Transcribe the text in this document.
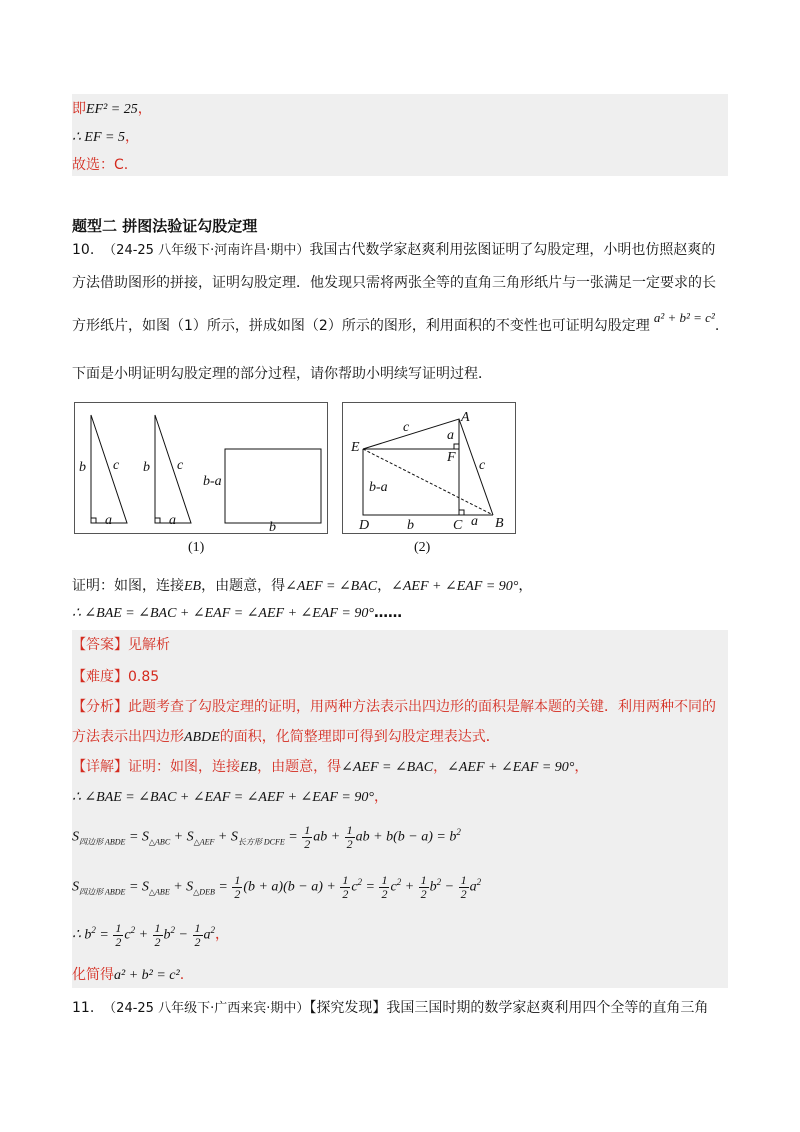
即EF² = 25，
∴ EF = 5，
故选：C.
题型二 拼图法验证勾股定理
10. （24-25 八年级下·河南许昌·期中）我国古代数学家赵爽利用弦图证明了勾股定理，小明也仿照赵爽的
方法借助图形的拼接，证明勾股定理．他发现只需将两张全等的直角三角形纸片与一张满足一定要求的长
方形纸片，如图（1）所示，拼成如图（2）所示的图形，利用面积的不变性也可证明勾股定理a² + b² = c².
下面是小明证明勾股定理的部分过程，请你帮助小明续写证明过程．
b c
a
b c
a
b-a
b
(1)
A
B
C
D
E
F
c
a
c
b-a
b	a
(2)
证明：如图，连接EB，由题意，得∠AEF = ∠BAC，∠AEF + ∠EAF = 90°，
∴ ∠BAE = ∠BAC + ∠EAF = ∠AEF + ∠EAF = 90°……
【答案】见解析
【难度】0.85
【分析】此题考查了勾股定理的证明，用两种方法表示出四边形的面积是解本题的关键．利用两种不同的
方法表示出四边形ABDE的面积，化简整理即可得到勾股定理表达式．
【详解】证明：如图，连接EB，由题意，得∠AEF = ∠BAC，∠AEF + ∠EAF = 90°，
∴ ∠BAE = ∠BAC + ∠EAF = ∠AEF + ∠EAF = 90°，
$S_{四边形 ABDE} = S_{\triangle ABC} + S_{\triangle AEF} + S_{长方形 DCFE} = \frac{1}{2}$ ab + $\frac{1}{2}$ ab + $b(b - a) = b^2$
$S_{四边形 ABDE} = S_{\triangle ABE} + S_{\triangle DEB} = \frac{1}{2} (b + a)(b - a) + \frac{1}{2} c^2 = \frac{1}{2} c^2 + \frac{1}{2} b^2 - \frac{1}{2} a^2$
∴ $b^2 = \frac{1}{2} c^2 + \frac{1}{2} b^2 - \frac{1}{2} a^2$，
化简得a² + b² = c².
11. （24-25 八年级下·广西来宾·期中）【探究发现】我国三国时期的数学家赵爽利用四个全等的直角三角
